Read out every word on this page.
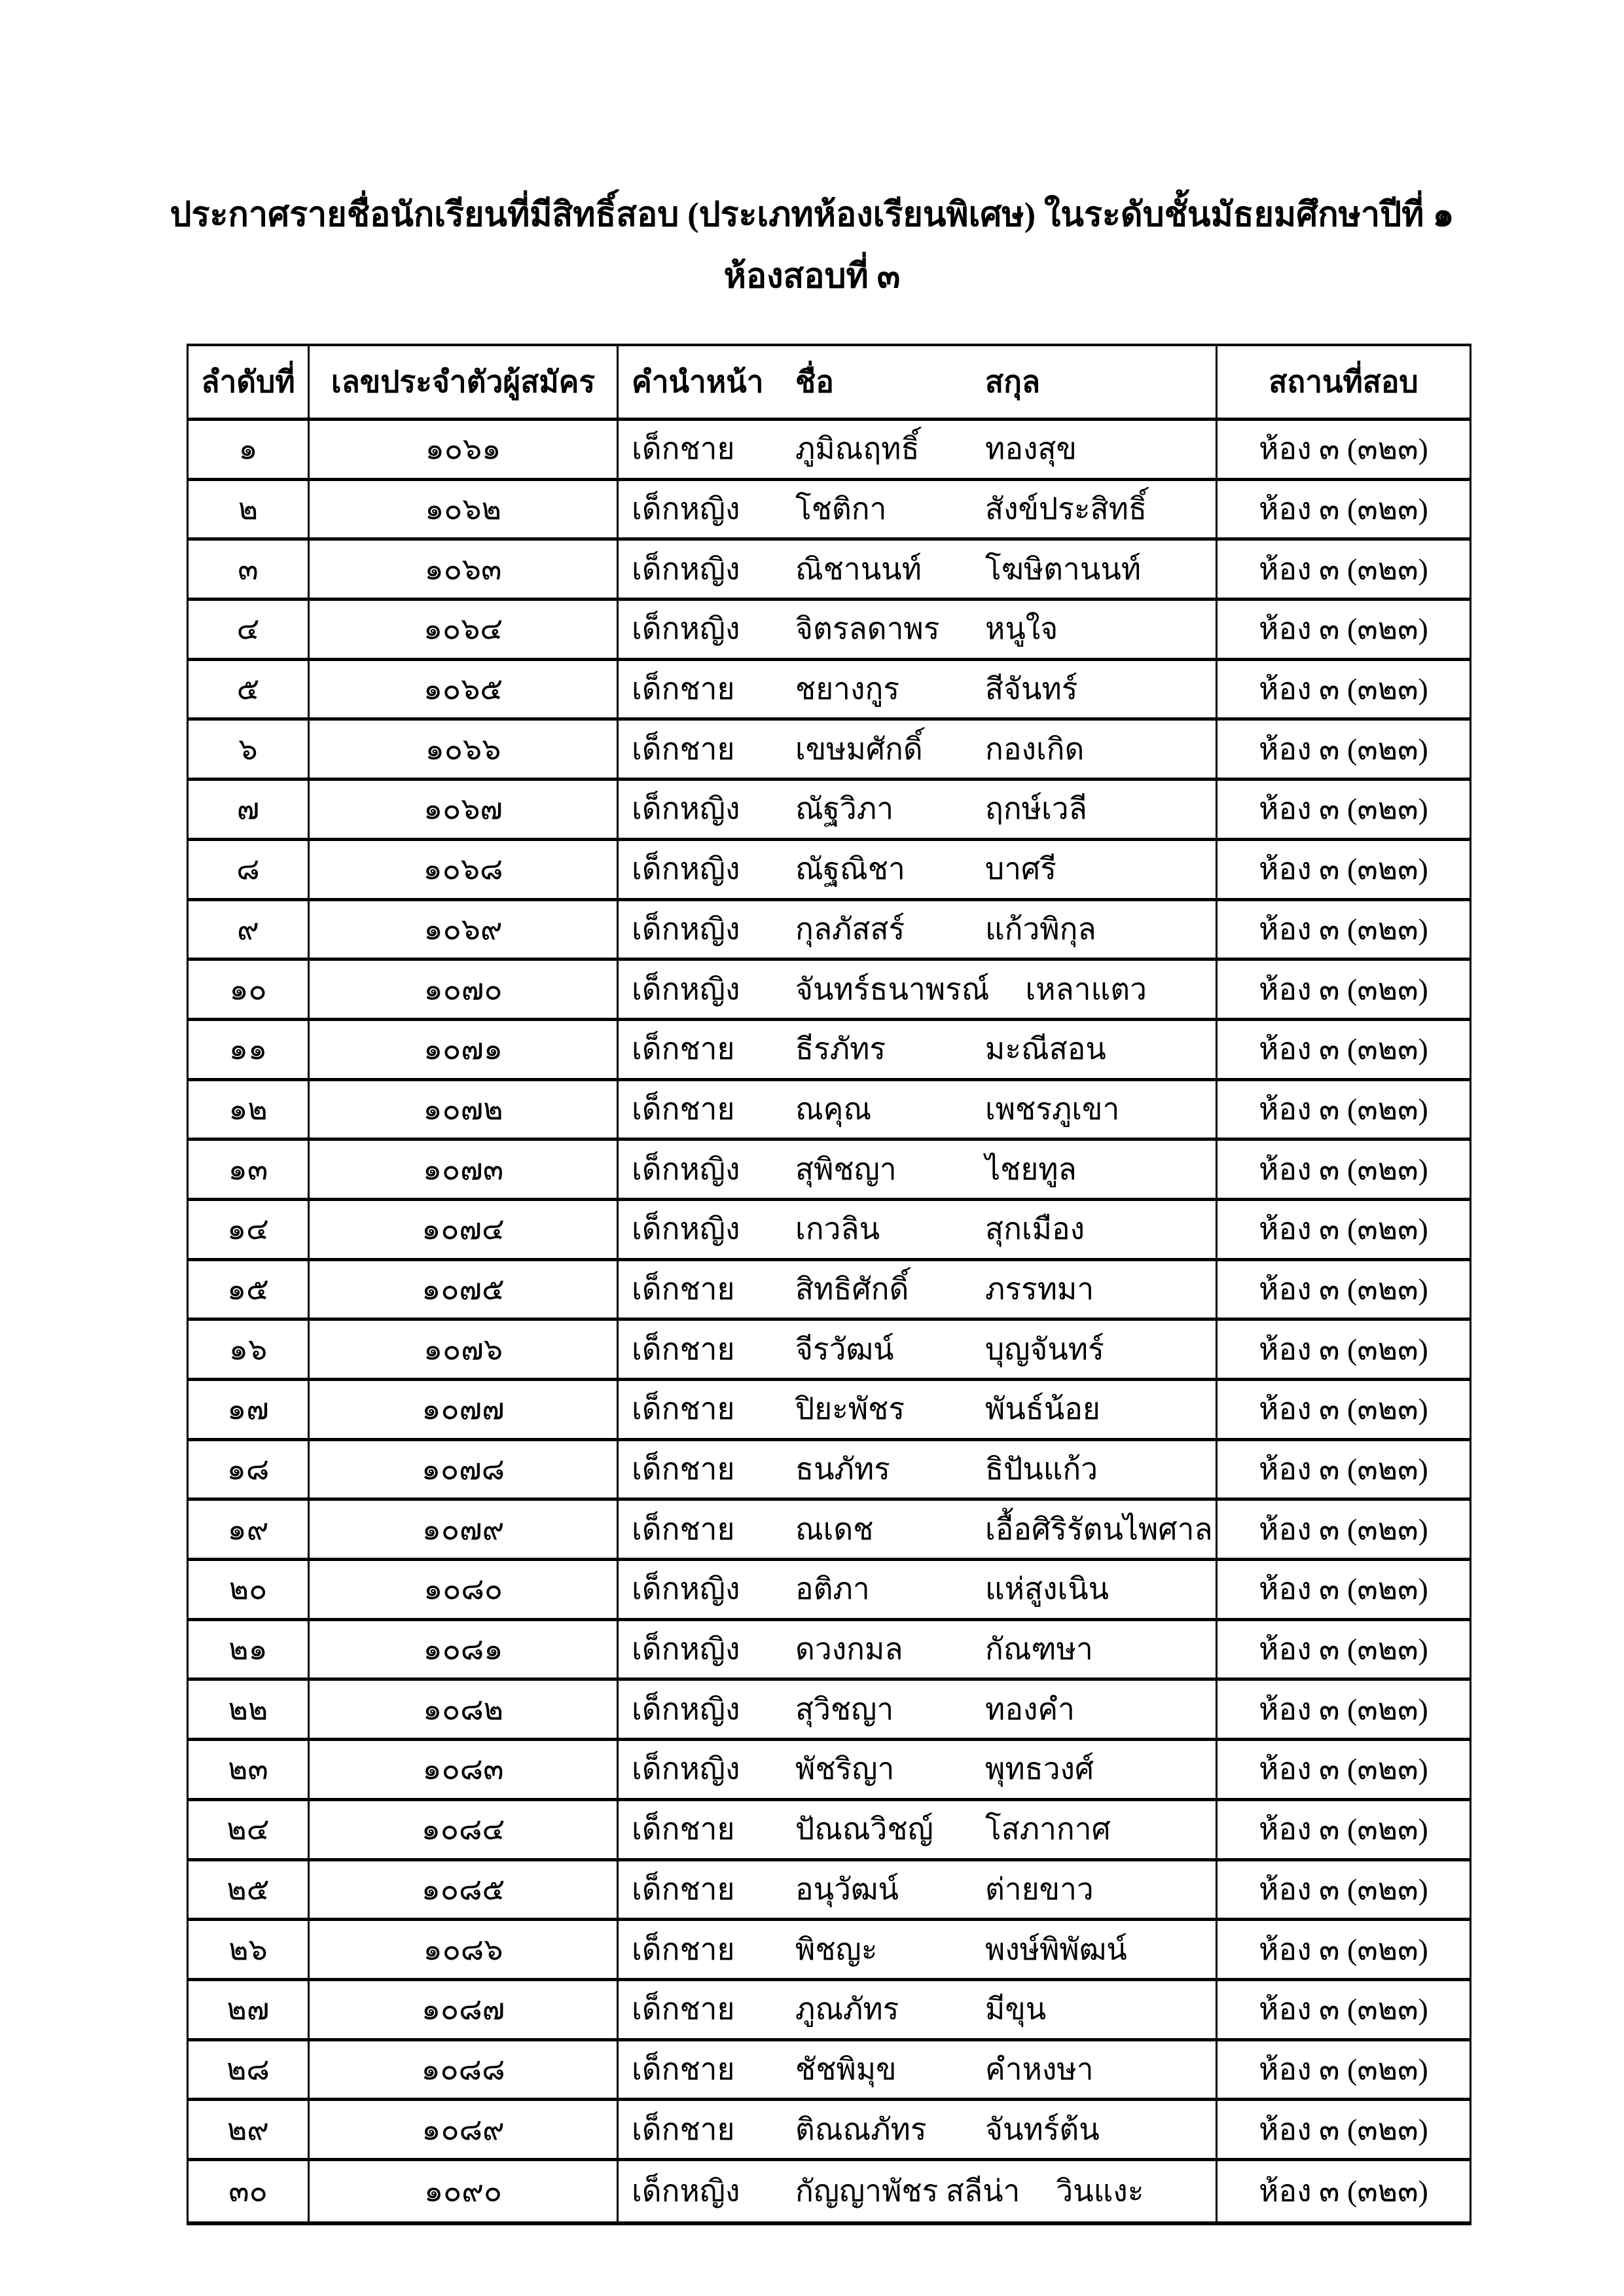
ประกาศรายชื่อนักเรียนที่มีสิทธิ์สอบ (ประเภทห้องเรียนพิเศษ) ในระดับชั้นมัธยมศึกษาปีที่ ๑
ห้องสอบที่ ๓
ลำดับที่	เลขประจำตัวผู้สมัคร	คำนำหน้า	ชื่อ	สกุล	สถานที่สอบ
๑	๑๐๖๑	เด็กชาย	ภูมิณฤทธิ์	ทองสุข	ห้อง ๓ (๓๒๓)
๒	๑๐๖๒	เด็กหญิง	โชติกา	สังข์ประสิทธิ์	ห้อง ๓ (๓๒๓)
๓	๑๐๖๓	เด็กหญิง	ณิชานนท์	โฆษิตานนท์	ห้อง ๓ (๓๒๓)
๔	๑๐๖๔	เด็กหญิง	จิตรลดาพร	หนูใจ	ห้อง ๓ (๓๒๓)
๕	๑๐๖๕	เด็กชาย	ชยางกูร	สีจันทร์	ห้อง ๓ (๓๒๓)
๖	๑๐๖๖	เด็กชาย	เขษมศักดิ์	กองเกิด	ห้อง ๓ (๓๒๓)
๗	๑๐๖๗	เด็กหญิง	ณัฐวิภา	ฤกษ์เวลี	ห้อง ๓ (๓๒๓)
๘	๑๐๖๘	เด็กหญิง	ณัฐณิชา	บาศรี	ห้อง ๓ (๓๒๓)
๙	๑๐๖๙	เด็กหญิง	กุลภัสสร์	แก้วพิกุล	ห้อง ๓ (๓๒๓)
๑๐	๑๐๗๐	เด็กหญิง	จันทร์ธนาพรณ์	เหลาแตว	ห้อง ๓ (๓๒๓)
๑๑	๑๐๗๑	เด็กชาย	ธีรภัทร	มะณีสอน	ห้อง ๓ (๓๒๓)
๑๒	๑๐๗๒	เด็กชาย	ณคุณ	เพชรภูเขา	ห้อง ๓ (๓๒๓)
๑๓	๑๐๗๓	เด็กหญิง	สุพิชญา	ไชยทูล	ห้อง ๓ (๓๒๓)
๑๔	๑๐๗๔	เด็กหญิง	เกวลิน	สุกเมือง	ห้อง ๓ (๓๒๓)
๑๕	๑๐๗๕	เด็กชาย	สิทธิศักดิ์	ภรรทมา	ห้อง ๓ (๓๒๓)
๑๖	๑๐๗๖	เด็กชาย	จีรวัฒน์	บุญจันทร์	ห้อง ๓ (๓๒๓)
๑๗	๑๐๗๗	เด็กชาย	ปิยะพัชร	พันธ์น้อย	ห้อง ๓ (๓๒๓)
๑๘	๑๐๗๘	เด็กชาย	ธนภัทร	ธิปันแก้ว	ห้อง ๓ (๓๒๓)
๑๙	๑๐๗๙	เด็กชาย	ณเดช	เอื้อศิริรัตนไพศาล	ห้อง ๓ (๓๒๓)
๒๐	๑๐๘๐	เด็กหญิง	อติภา	แห่สูงเนิน	ห้อง ๓ (๓๒๓)
๒๑	๑๐๘๑	เด็กหญิง	ดวงกมล	กัณฑษา	ห้อง ๓ (๓๒๓)
๒๒	๑๐๘๒	เด็กหญิง	สุวิชญา	ทองคำ	ห้อง ๓ (๓๒๓)
๒๓	๑๐๘๓	เด็กหญิง	พัชริญา	พุทธวงศ์	ห้อง ๓ (๓๒๓)
๒๔	๑๐๘๔	เด็กชาย	ปัณณวิชญ์	โสภากาศ	ห้อง ๓ (๓๒๓)
๒๕	๑๐๘๕	เด็กชาย	อนุวัฒน์	ต่ายขาว	ห้อง ๓ (๓๒๓)
๒๖	๑๐๘๖	เด็กชาย	พิชญะ	พงษ์พิพัฒน์	ห้อง ๓ (๓๒๓)
๒๗	๑๐๘๗	เด็กชาย	ภูณภัทร	มีขุน	ห้อง ๓ (๓๒๓)
๒๘	๑๐๘๘	เด็กชาย	ชัชพิมุข	คำหงษา	ห้อง ๓ (๓๒๓)
๒๙	๑๐๘๙	เด็กชาย	ติณณภัทร	จันทร์ต้น	ห้อง ๓ (๓๒๓)
๓๐	๑๐๙๐	เด็กหญิง	กัญญาพัชร สลีน่า	วินแงะ	ห้อง ๓ (๓๒๓)
